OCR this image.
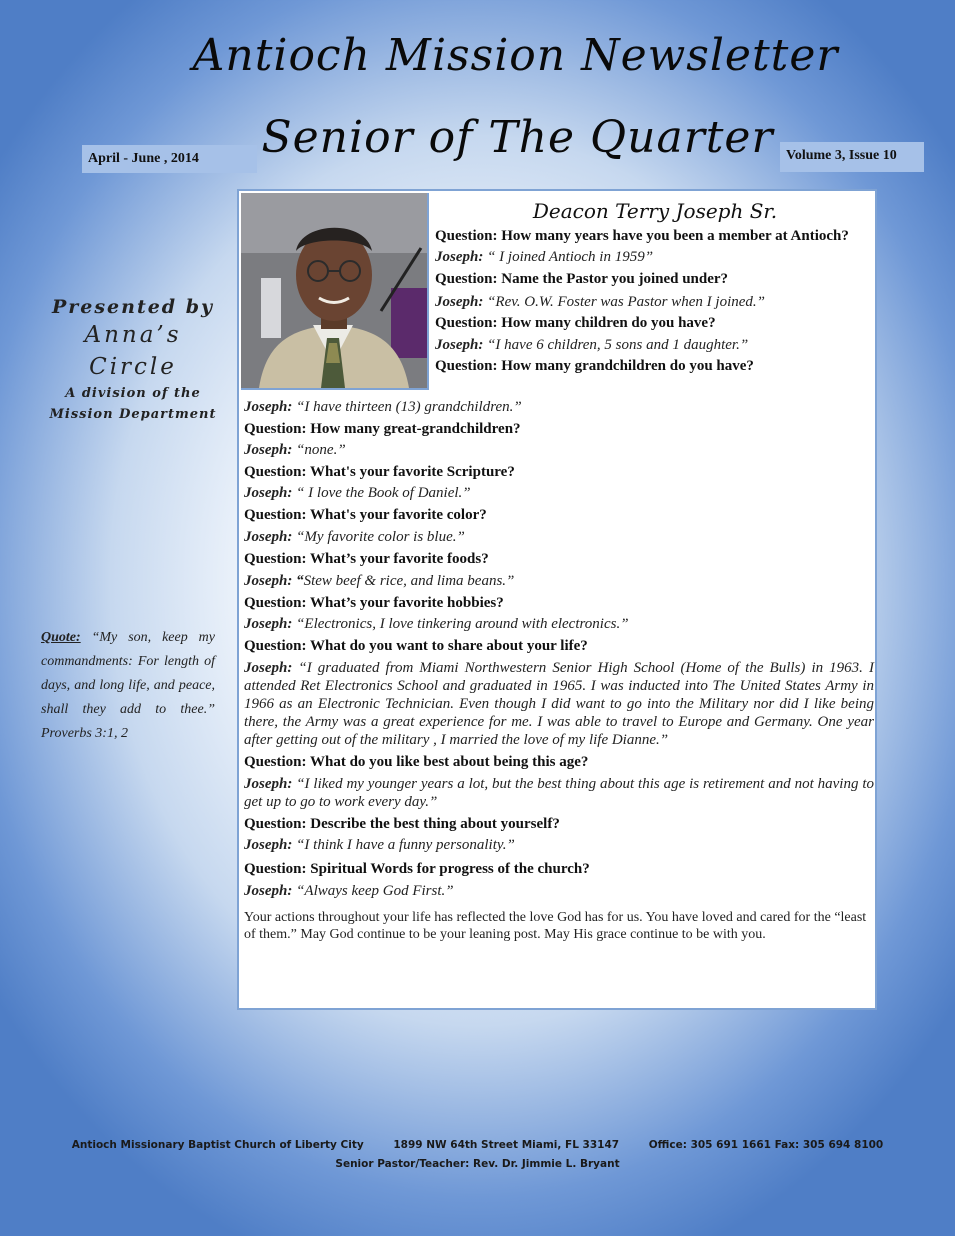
Antioch Mission Newsletter
Senior of The Quarter
April - June , 2014	Volume 3, Issue 10
Presented by
Anna’s
Circle
A division of the
Mission Department
Quote: “My son, keep my commandments: For length of days, and long life, and peace, shall they add to thee.” Proverbs 3:1, 2
Deacon Terry Joseph Sr.

Question: How many years have you been a member at Antioch?

Joseph: “ I joined Antioch in 1959”

Question: Name the Pastor you joined under?

Joseph: “Rev. O.W. Foster was Pastor when I joined.”

Question: How many children do you have?

Joseph: “I have 6 children, 5 sons and 1 daughter.”

Question: How many grandchildren do you have?

Joseph: “I have thirteen (13) grandchildren.”

Question: How many great-grandchildren?

Joseph: “none.”

Question: What's your favorite Scripture?

Joseph: “ I love the Book of Daniel.”

Question: What's your favorite color?

Joseph: “My favorite color is blue.”

Question: What’s your favorite foods?

Joseph: “Stew beef & rice, and lima beans.”

Question: What’s your favorite hobbies?

Joseph: “Electronics, I love tinkering around with electronics.”

Question: What do you want to share about your life?

Joseph: “I graduated from Miami Northwestern Senior High School (Home of the Bulls) in 1963. I attended Ret Electronics School and graduated in 1965. I was inducted into The United States Army in 1966 as an Electronic Technician. Even though I did want to go into the Military nor did I like being there, the Army was a great experience for me. I was able to travel to Europe and Germany. One year after getting out of the military , I married the love of my life Dianne.”

Question: What do you like best about being this age?

Joseph: “I liked my younger years a lot, but the best thing about this age is retirement and not having to get up to go to work every day.”

Question: Describe the best thing about yourself?

Joseph: “I think I have a funny personality.”

Question: Spiritual Words for progress of the church?

Joseph: “Always keep God First.”

Your actions throughout your life has reflected the love God has for us. You have loved and cared for the “least of them.” May God continue to be your leaning post. May His grace continue to be with you.

Antioch Missionary Baptist Church of Liberty City	1899 NW 64th Street Miami, FL 33147	Office: 305 691 1661 Fax: 305 694 8100
Senior Pastor/Teacher: Rev. Dr. Jimmie L. Bryant
